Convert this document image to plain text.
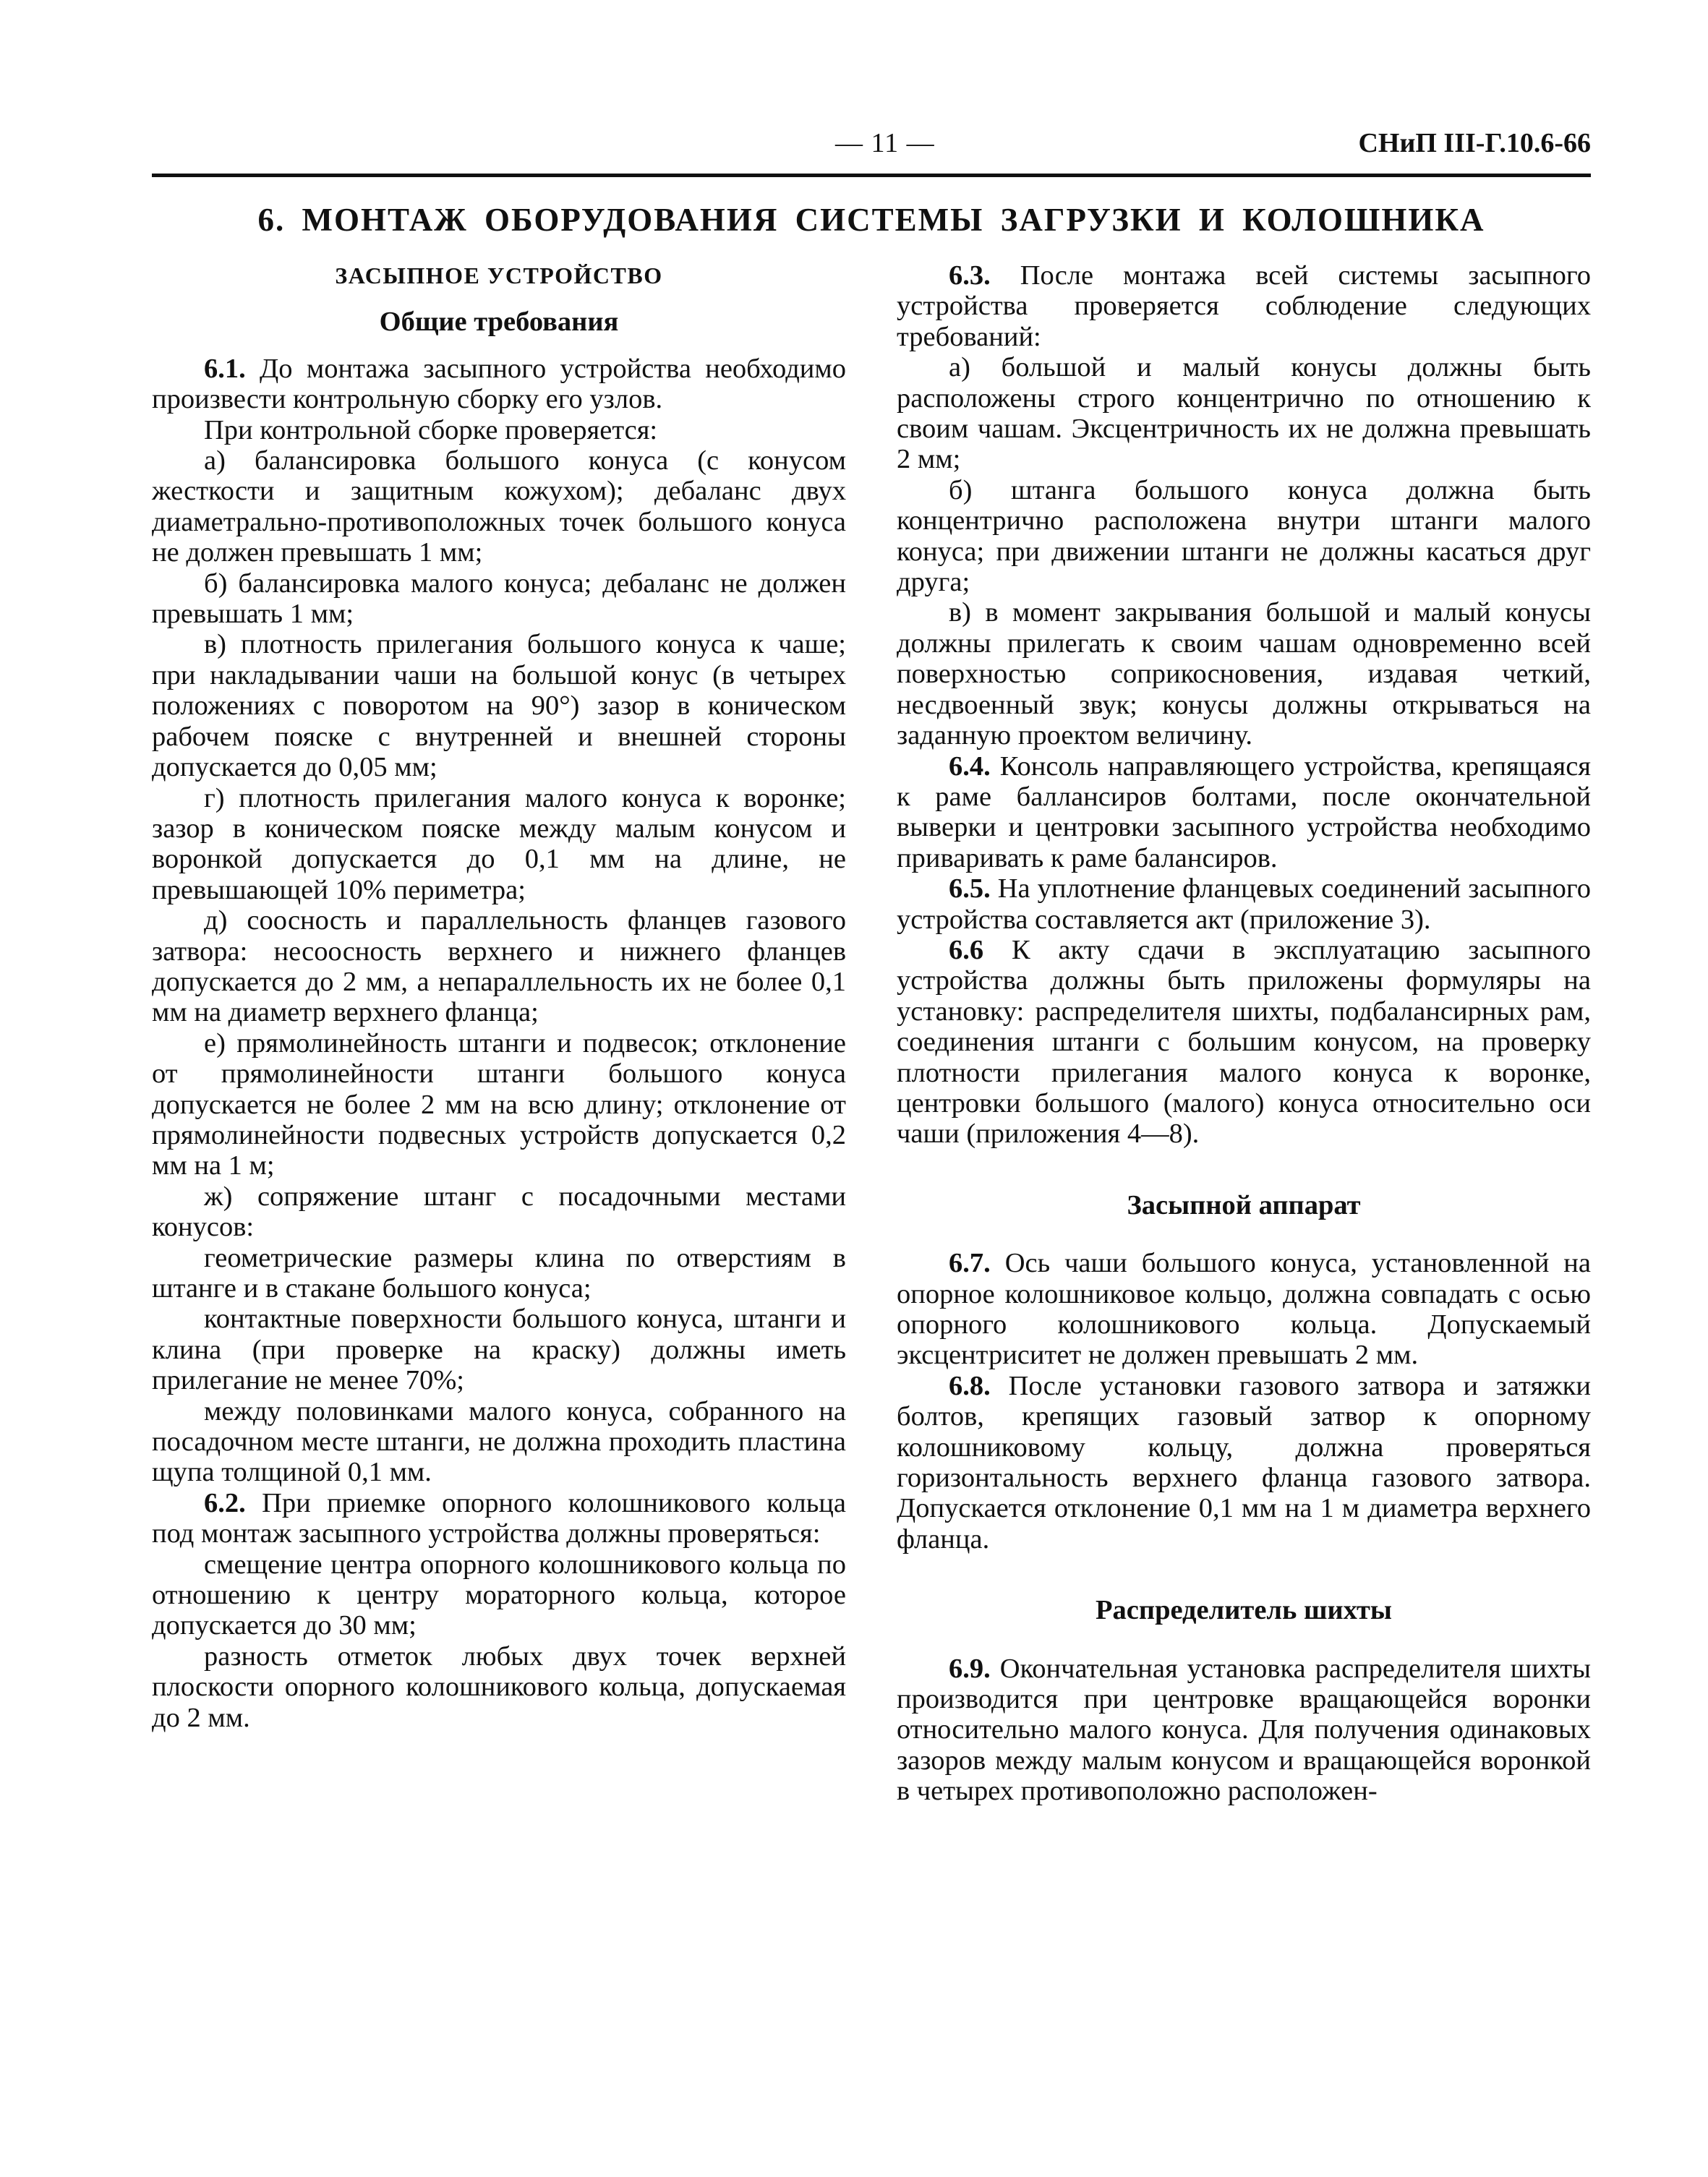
— 11 —	СНиП III-Г.10.6-66
6. МОНТАЖ ОБОРУДОВАНИЯ СИСТЕМЫ ЗАГРУЗКИ И КОЛОШНИКА

ЗАСЫПНОЕ УСТРОЙСТВО

Общие требования

6.1. До монтажа засыпного устройства необходимо произвести контрольную сборку его узлов.

При контрольной сборке проверяется:

а) балансировка большого конуса (с конусом жесткости и защитным кожухом); дебаланс двух диаметрально-противоположных точек большого конуса не должен превышать 1 мм;

б) балансировка малого конуса; дебаланс не должен превышать 1 мм;

в) плотность прилегания большого конуса к чаше; при накладывании чаши на большой конус (в четырех положениях с поворотом на 90°) зазор в коническом рабочем пояске с внутренней и внешней стороны допускается до 0,05 мм;

г) плотность прилегания малого конуса к воронке; зазор в коническом пояске между малым конусом и воронкой допускается до 0,1 мм на длине, не превышающей 10% периметра;

д) соосность и параллельность фланцев газового затвора: несоосность верхнего и нижнего фланцев допускается до 2 мм, а непараллельность их не более 0,1 мм на диаметр верхнего фланца;

е) прямолинейность штанги и подвесок; отклонение от прямолинейности штанги большого конуса допускается не более 2 мм на всю длину; отклонение от прямолинейности подвесных устройств допускается 0,2 мм на 1 м;

ж) сопряжение штанг с посадочными местами конусов:

геометрические размеры клина по отверстиям в штанге и в стакане большого конуса;

контактные поверхности большого конуса, штанги и клина (при проверке на краску) должны иметь прилегание не менее 70%;

между половинками малого конуса, собранного на посадочном месте штанги, не должна проходить пластина щупа толщиной 0,1 мм.

6.2. При приемке опорного колошникового кольца под монтаж засыпного устройства должны проверяться:

смещение центра опорного колошникового кольца по отношению к центру мораторного кольца, которое допускается до 30 мм;

разность отметок любых двух точек верхней плоскости опорного колошникового кольца, допускаемая до 2 мм.

6.3. После монтажа всей системы засыпного устройства проверяется соблюдение следующих требований:

а) большой и малый конусы должны быть расположены строго концентрично по отношению к своим чашам. Эксцентричность их не должна превышать 2 мм;

б) штанга большого конуса должна быть концентрично расположена внутри штанги малого конуса; при движении штанги не должны касаться друг друга;

в) в момент закрывания большой и малый конусы должны прилегать к своим чашам одновременно всей поверхностью соприкосновения, издавая четкий, несдвоенный звук; конусы должны открываться на заданную проектом величину.

6.4. Консоль направляющего устройства, крепящаяся к раме баллансиров болтами, после окончательной выверки и центровки засыпного устройства необходимо приваривать к раме балансиров.

6.5. На уплотнение фланцевых соединений засыпного устройства составляется акт (приложение 3).

6.6 К акту сдачи в эксплуатацию засыпного устройства должны быть приложены формуляры на установку: распределителя шихты, подбалансирных рам, соединения штанги с большим конусом, на проверку плотности прилегания малого конуса к воронке, центровки большого (малого) конуса относительно оси чаши (приложения 4—8).

Засыпной аппарат

6.7. Ось чаши большого конуса, установленной на опорное колошниковое кольцо, должна совпадать с осью опорного колошникового кольца. Допускаемый эксцентриситет не должен превышать 2 мм.

6.8. После установки газового затвора и затяжки болтов, крепящих газовый затвор к опорному колошниковому кольцу, должна проверяться горизонтальность верхнего фланца газового затвора. Допускается отклонение 0,1 мм на 1 м диаметра верхнего фланца.

Распределитель шихты

6.9. Окончательная установка распределителя шихты производится при центровке вращающейся воронки относительно малого конуса. Для получения одинаковых зазоров между малым конусом и вращающейся воронкой в четырех противоположно расположен-
